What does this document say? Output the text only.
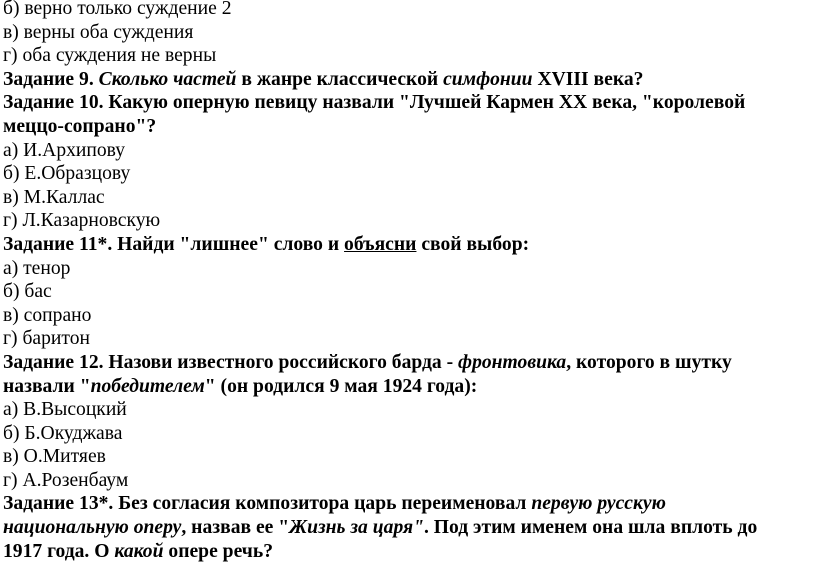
б) верно только суждение 2
в) верны оба суждения
г) оба суждения не верны
Задание 9. Сколько частей в жанре классической симфонии XVIII века?
Задание 10. Какую оперную певицу назвали "Лучшей Кармен XX века, "королевой
меццо-сопрано"?
а) И.Архипову
б) Е.Образцову
в) М.Каллас
г) Л.Казарновскую
Задание 11*. Найди "лишнее" слово и объясни свой выбор:
а) тенор
б) бас
в) сопрано
г) баритон
Задание 12. Назови известного российского барда - фронтовика, которого в шутку
назвали "победителем" (он родился 9 мая 1924 года):
а) В.Высоцкий
б) Б.Окуджава
в) О.Митяев
г) А.Розенбаум
Задание 13*. Без согласия композитора царь переименовал первую русскую
национальную оперу, назвав ее "Жизнь за царя". Под этим именем она шла вплоть до
1917 года. О какой опере речь?
